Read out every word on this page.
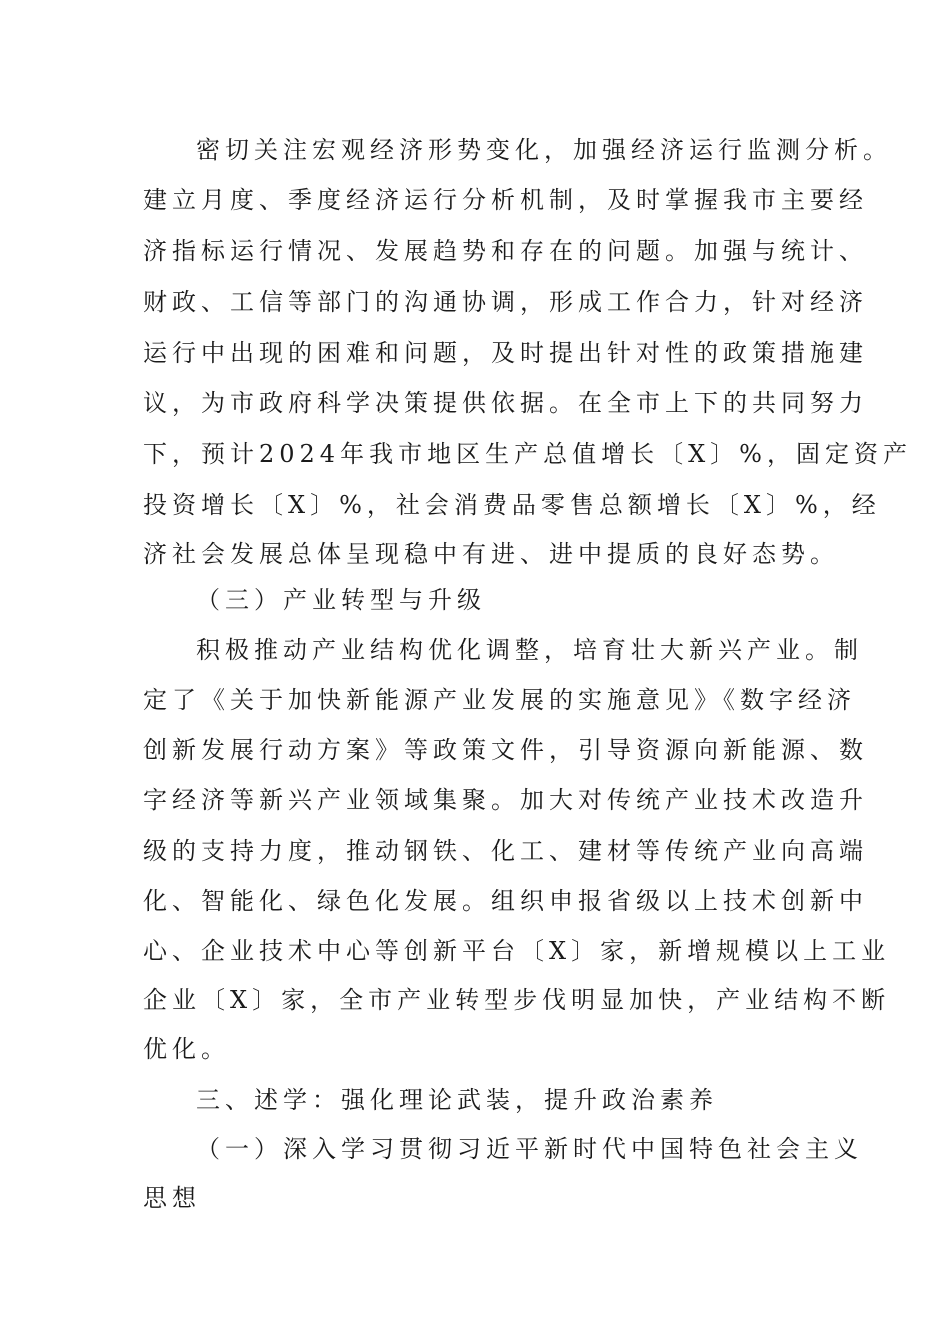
密切关注宏观经济形势变化，加强经济运行监测分析。
建立月度、季度经济运行分析机制，及时掌握我市主要经
济指标运行情况、发展趋势和存在的问题。加强与统计、
财政、工信等部门的沟通协调，形成工作合力，针对经济
运行中出现的困难和问题，及时提出针对性的政策措施建
议，为市政府科学决策提供依据。在全市上下的共同努力
下，预计2024年我市地区生产总值增长〔X〕%，固定资产
投资增长〔X〕%，社会消费品零售总额增长〔X〕%，经
济社会发展总体呈现稳中有进、进中提质的良好态势。
（三）产业转型与升级
积极推动产业结构优化调整，培育壮大新兴产业。制
定了《关于加快新能源产业发展的实施意见》《数字经济
创新发展行动方案》等政策文件，引导资源向新能源、数
字经济等新兴产业领域集聚。加大对传统产业技术改造升
级的支持力度，推动钢铁、化工、建材等传统产业向高端
化、智能化、绿色化发展。组织申报省级以上技术创新中
心、企业技术中心等创新平台〔X〕家，新增规模以上工业
企业〔X〕家，全市产业转型步伐明显加快，产业结构不断
优化。
三、述学：强化理论武装，提升政治素养
（一）深入学习贯彻习近平新时代中国特色社会主义
思想
